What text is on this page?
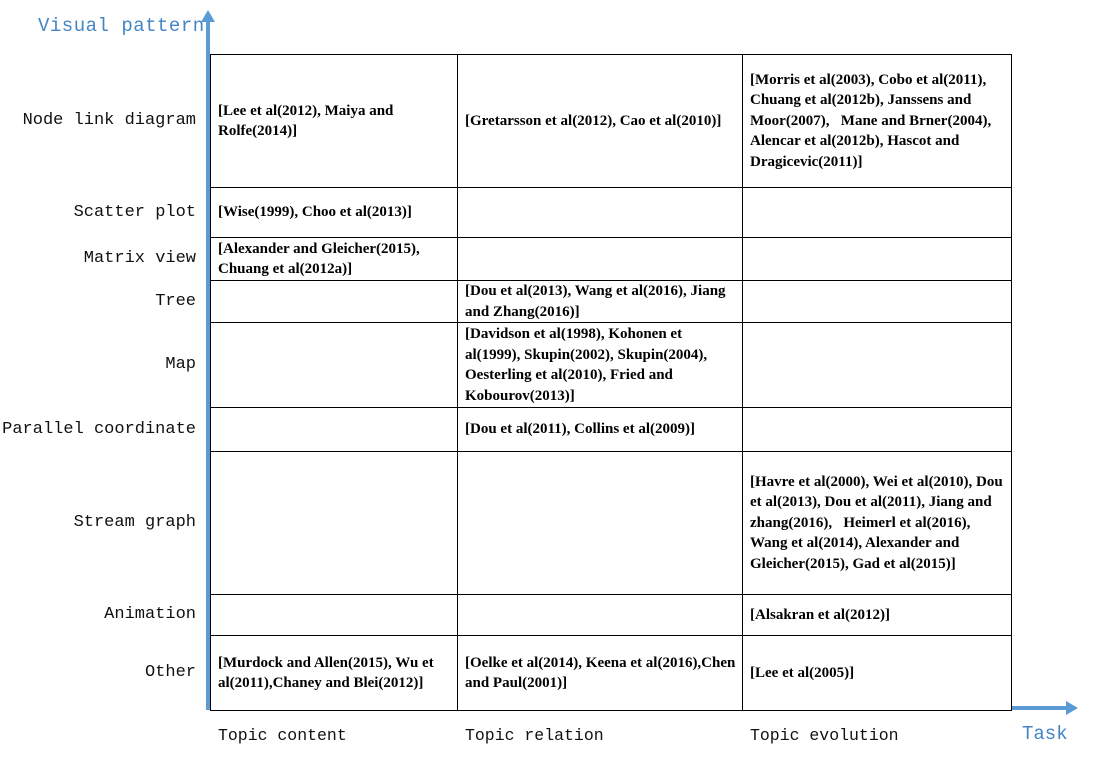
Visual pattern
Task
Node link diagram
Scatter plot
Matrix view
Tree
Map
Parallel coordinate
Stream graph
Animation
Other
[Lee et al(2012), Maiya and Rolfe(2014)]
[Gretarsson et al(2012), Cao et al(2010)]
[Morris et al(2003), Cobo et al(2011), Chuang et al(2012b), Janssens and Moor(2007),   Mane and Brner(2004),   Alencar et al(2012b), Hascot and Dragicevic(2011)]
[Wise(1999), Choo et al(2013)]
[Alexander and Gleicher(2015), Chuang et al(2012a)]
[Dou et al(2013), Wang et al(2016), Jiang and Zhang(2016)]
[Davidson et al(1998), Kohonen et al(1999), Skupin(2002), Skupin(2004), Oesterling et al(2010), Fried and Kobourov(2013)]
[Dou et al(2011), Collins et al(2009)]
[Havre et al(2000), Wei et al(2010), Dou et al(2013), Dou et al(2011), Jiang and zhang(2016),   Heimerl et al(2016),   Wang et al(2014), Alexander and Gleicher(2015), Gad et al(2015)]
[Alsakran et al(2012)]
[Murdock and Allen(2015), Wu et al(2011),Chaney and Blei(2012)]
[Oelke et al(2014), Keena et al(2016),Chen and Paul(2001)]
[Lee et al(2005)]
Topic content	Topic relation	Topic evolution
